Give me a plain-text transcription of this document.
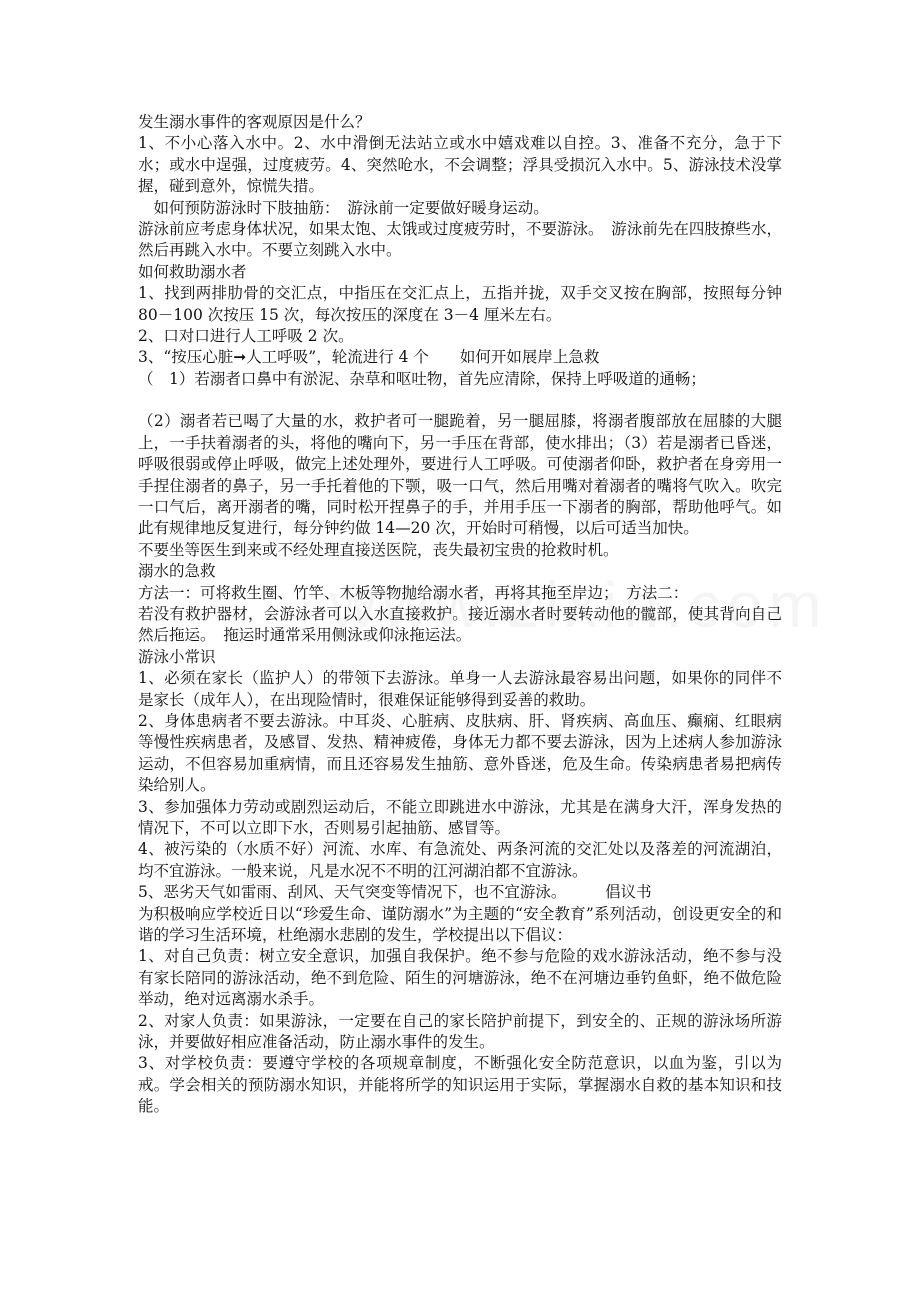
发生溺水事件的客观原因是什么？

1、不小心落入水中。2、水中滑倒无法站立或水中嬉戏难以自控。3、准备不充分，急于下水；或水中逞强，过度疲劳。4、突然呛水，不会调整；浮具受损沉入水中。5、游泳技术没掌握，碰到意外，惊慌失措。

　如何预防游泳时下肢抽筋：　游泳前一定要做好暖身运动。

游泳前应考虑身体状况，如果太饱、太饿或过度疲劳时，不要游泳。　游泳前先在四肢撩些水，然后再跳入水中。不要立刻跳入水中。

如何救助溺水者

1、找到两排肋骨的交汇点，中指压在交汇点上，五指并拢，双手交叉按在胸部，按照每分钟 80－100 次按压 15 次，每次按压的深度在 3－4 厘米左右。

2、口对口进行人工呼吸 2 次。

3、“按压心脏➞人工呼吸”，轮流进行 4 个　　如何开如展岸上急救

（　1）若溺者口鼻中有淤泥、杂草和呕吐物，首先应清除，保持上呼吸道的通畅；

（2）溺者若已喝了大量的水，救护者可一腿跪着，另一腿屈膝，将溺者腹部放在屈膝的大腿上，一手扶着溺者的头，将他的嘴向下，另一手压在背部，使水排出；（3）若是溺者已昏迷，呼吸很弱或停止呼吸，做完上述处理外，要进行人工呼吸。可使溺者仰卧，救护者在身旁用一手捏住溺者的鼻子，另一手托着他的下颚，吸一口气，然后用嘴对着溺者的嘴将气吹入。吹完一口气后，离开溺者的嘴，同时松开捏鼻子的手，并用手压一下溺者的胸部，帮助他呼气。如此有规律地反复进行，每分钟约做 14—20 次，开始时可稍慢，以后可适当加快。

不要坐等医生到来或不经处理直接送医院，丧失最初宝贵的抢救时机。

溺水的急救

方法一：可将救生圈、竹竿、木板等物抛给溺水者，再将其拖至岸边；　方法二：

若没有救护器材，会游泳者可以入水直接救护。接近溺水者时要转动他的髋部，使其背向自己然后拖运。　拖运时通常采用侧泳或仰泳拖运法。

游泳小常识

1、必须在家长（监护人）的带领下去游泳。单身一人去游泳最容易出问题，如果你的同伴不是家长（成年人），在出现险情时，很难保证能够得到妥善的救助。

2、身体患病者不要去游泳。中耳炎、心脏病、皮肤病、肝、肾疾病、高血压、癫痫、红眼病等慢性疾病患者，及感冒、发热、精神疲倦，身体无力都不要去游泳，因为上述病人参加游泳运动，不但容易加重病情，而且还容易发生抽筋、意外昏迷，危及生命。传染病患者易把病传染给别人。

3、参加强体力劳动或剧烈运动后，不能立即跳进水中游泳，尤其是在满身大汗，浑身发热的情况下，不可以立即下水，否则易引起抽筋、感冒等。

4、被污染的（水质不好）河流、水库、有急流处、两条河流的交汇处以及落差的河流湖泊，均不宜游泳。一般来说，凡是水况不不明的江河湖泊都不宜游泳。

5、恶劣天气如雷雨、刮风、天气突变等情况下，也不宜游泳。　　　倡议书

为积极响应学校近日以“珍爱生命、谨防溺水”为主题的“安全教育”系列活动，创设更安全的和谐的学习生活环境，杜绝溺水悲剧的发生，学校提出以下倡议：

1、对自己负责：树立安全意识，加强自我保护。绝不参与危险的戏水游泳活动，绝不参与没有家长陪同的游泳活动，绝不到危险、陌生的河塘游泳，绝不在河塘边垂钓鱼虾，绝不做危险举动，绝对远离溺水杀手。

2、对家人负责：如果游泳，一定要在自己的家长陪护前提下，到安全的、正规的游泳场所游泳，并要做好相应准备活动，防止溺水事件的发生。

3、对学校负责：要遵守学校的各项规章制度，不断强化安全防范意识，以血为鉴，引以为戒。学会相关的预防溺水知识，并能将所学的知识运用于实际，掌握溺水自救的基本知识和技能。
